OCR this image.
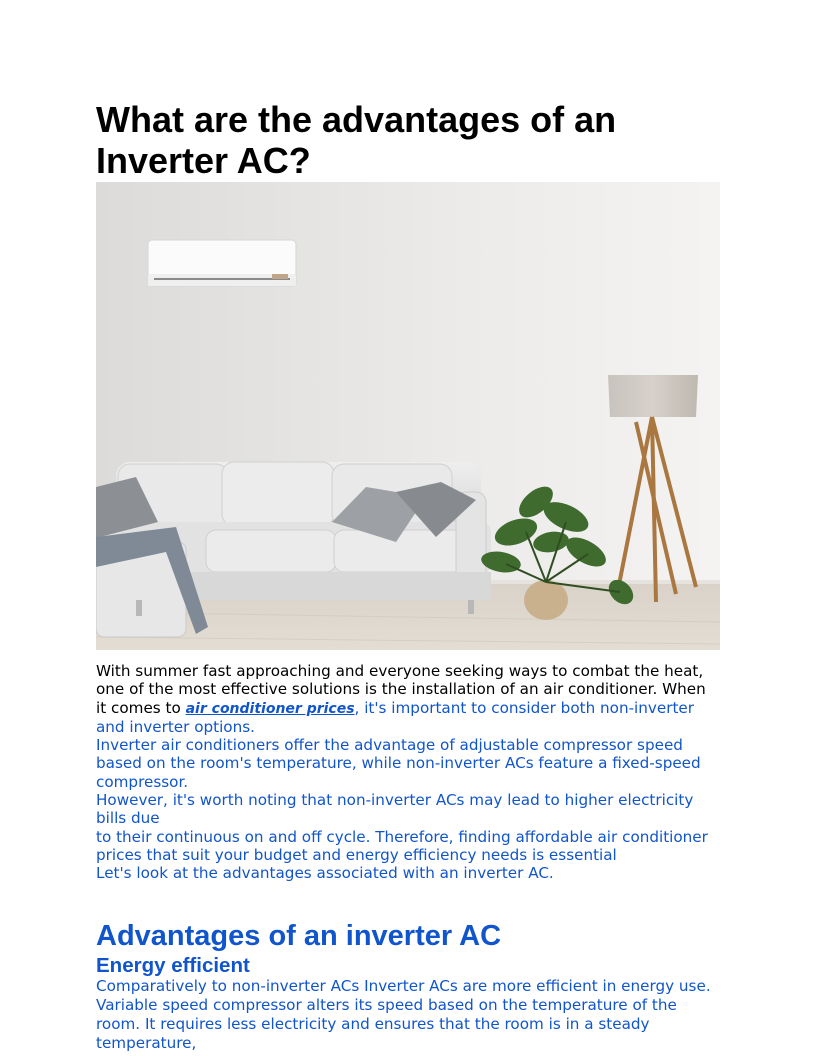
What are the advantages of an Inverter AC?

With summer fast approaching and everyone seeking ways to combat the heat, one of the most effective solutions is the installation of an air conditioner. When it comes to air conditioner prices, it's important to consider both non-inverter and inverter options.

Inverter air conditioners offer the advantage of adjustable compressor speed based on the room's temperature, while non-inverter ACs feature a fixed-speed compressor.

However, it's worth noting that non-inverter ACs may lead to higher electricity bills due

to their continuous on and off cycle. Therefore, finding affordable air conditioner prices that suit your budget and energy efficiency needs is essential

Let's look at the advantages associated with an inverter AC.

Advantages of an inverter AC
Energy efficient

Comparatively to non-inverter ACs Inverter ACs are more efficient in energy use. Variable speed compressor alters its speed based on the temperature of the room. It requires less electricity and ensures that the room is in a steady temperature,
